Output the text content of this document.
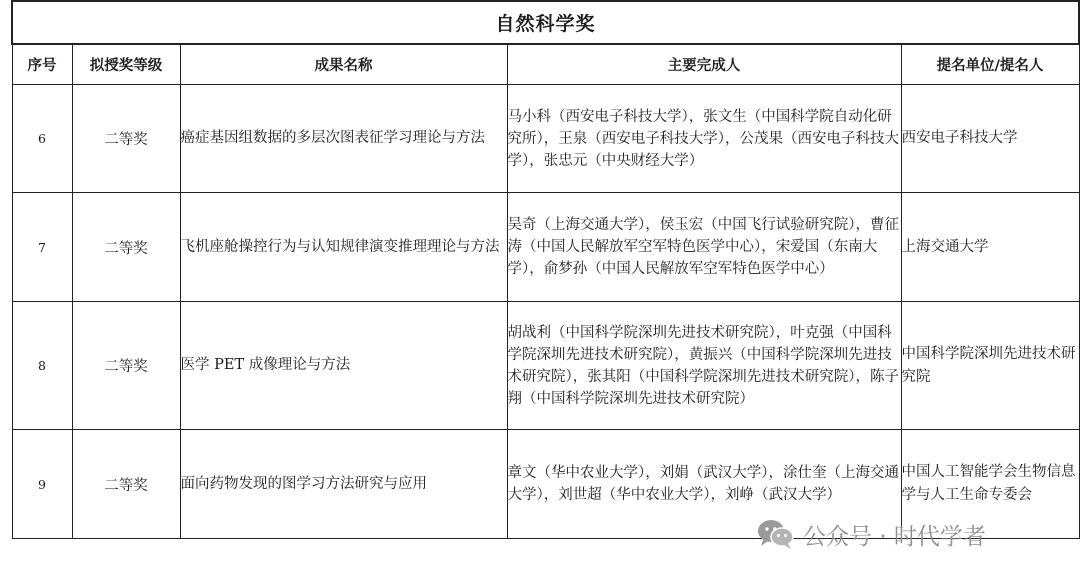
自然科学奖				
序号	拟授奖等级	成果名称	主要完成人	提名单位/提名人
6	二等奖	癌症基因组数据的多层次图表征学习理论与方法	马小科（西安电子科技大学），张文生（中国科学院自动化研究所），王泉（西安电子科技大学），公茂果（西安电子科技大学），张忠元（中央财经大学）	西安电子科技大学
7	二等奖	飞机座舱操控行为与认知规律演变推理理论与方法	吴奇（上海交通大学），侯玉宏（中国飞行试验研究院），曹征涛（中国人民解放军空军特色医学中心），宋爱国（东南大学），俞梦孙（中国人民解放军空军特色医学中心）	上海交通大学
8	二等奖	医学 PET 成像理论与方法	胡战利（中国科学院深圳先进技术研究院），叶克强（中国科学院深圳先进技术研究院），黄振兴（中国科学院深圳先进技术研究院），张其阳（中国科学院深圳先进技术研究院），陈子翔（中国科学院深圳先进技术研究院）	中国科学院深圳先进技术研究院
9	二等奖	面向药物发现的图学习方法研究与应用	章文（华中农业大学），刘娟（武汉大学），涂仕奎（上海交通大学），刘世超（华中农业大学），刘峥（武汉大学）	中国人工智能学会生物信息学与人工生命专委会
公众号 · 时代学者
